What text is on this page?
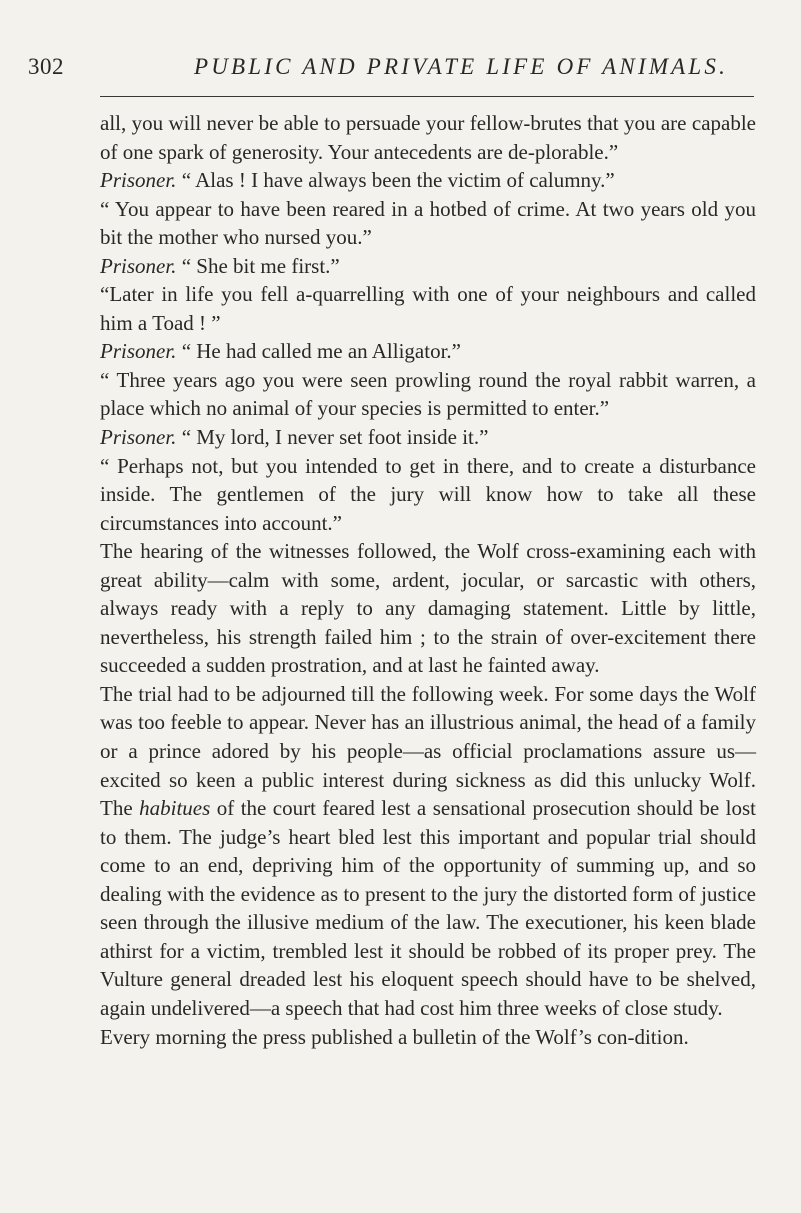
302	PUBLIC AND PRIVATE LIFE OF ANIMALS.

all, you will never be able to persuade your fellow-brutes that you are capable of one spark of generosity. Your antecedents are de-plorable.”

Prisoner. “ Alas ! I have always been the victim of calumny.”

“ You appear to have been reared in a hotbed of crime. At two years old you bit the mother who nursed you.”

Prisoner. “ She bit me first.”

“Later in life you fell a-quarrelling with one of your neighbours and called him a Toad ! ”

Prisoner. “ He had called me an Alligator.”

“ Three years ago you were seen prowling round the royal rabbit warren, a place which no animal of your species is permitted to enter.”

Prisoner. “ My lord, I never set foot inside it.”

“ Perhaps not, but you intended to get in there, and to create a disturbance inside. The gentlemen of the jury will know how to take all these circumstances into account.”

The hearing of the witnesses followed, the Wolf cross-examining each with great ability—calm with some, ardent, jocular, or sarcastic with others, always ready with a reply to any damaging statement. Little by little, nevertheless, his strength failed him ; to the strain of over-excitement there succeeded a sudden prostration, and at last he fainted away.

The trial had to be adjourned till the following week. For some days the Wolf was too feeble to appear. Never has an illustrious animal, the head of a family or a prince adored by his people—as official proclamations assure us—excited so keen a public interest during sickness as did this unlucky Wolf. The habitues of the court feared lest a sensational prosecution should be lost to them. The judge’s heart bled lest this important and popular trial should come to an end, depriving him of the opportunity of summing up, and so dealing with the evidence as to present to the jury the distorted form of justice seen through the illusive medium of the law. The executioner, his keen blade athirst for a victim, trembled lest it should be robbed of its proper prey. The Vulture general dreaded lest his eloquent speech should have to be shelved, again undelivered—a speech that had cost him three weeks of close study.

Every morning the press published a bulletin of the Wolf’s con-dition.
